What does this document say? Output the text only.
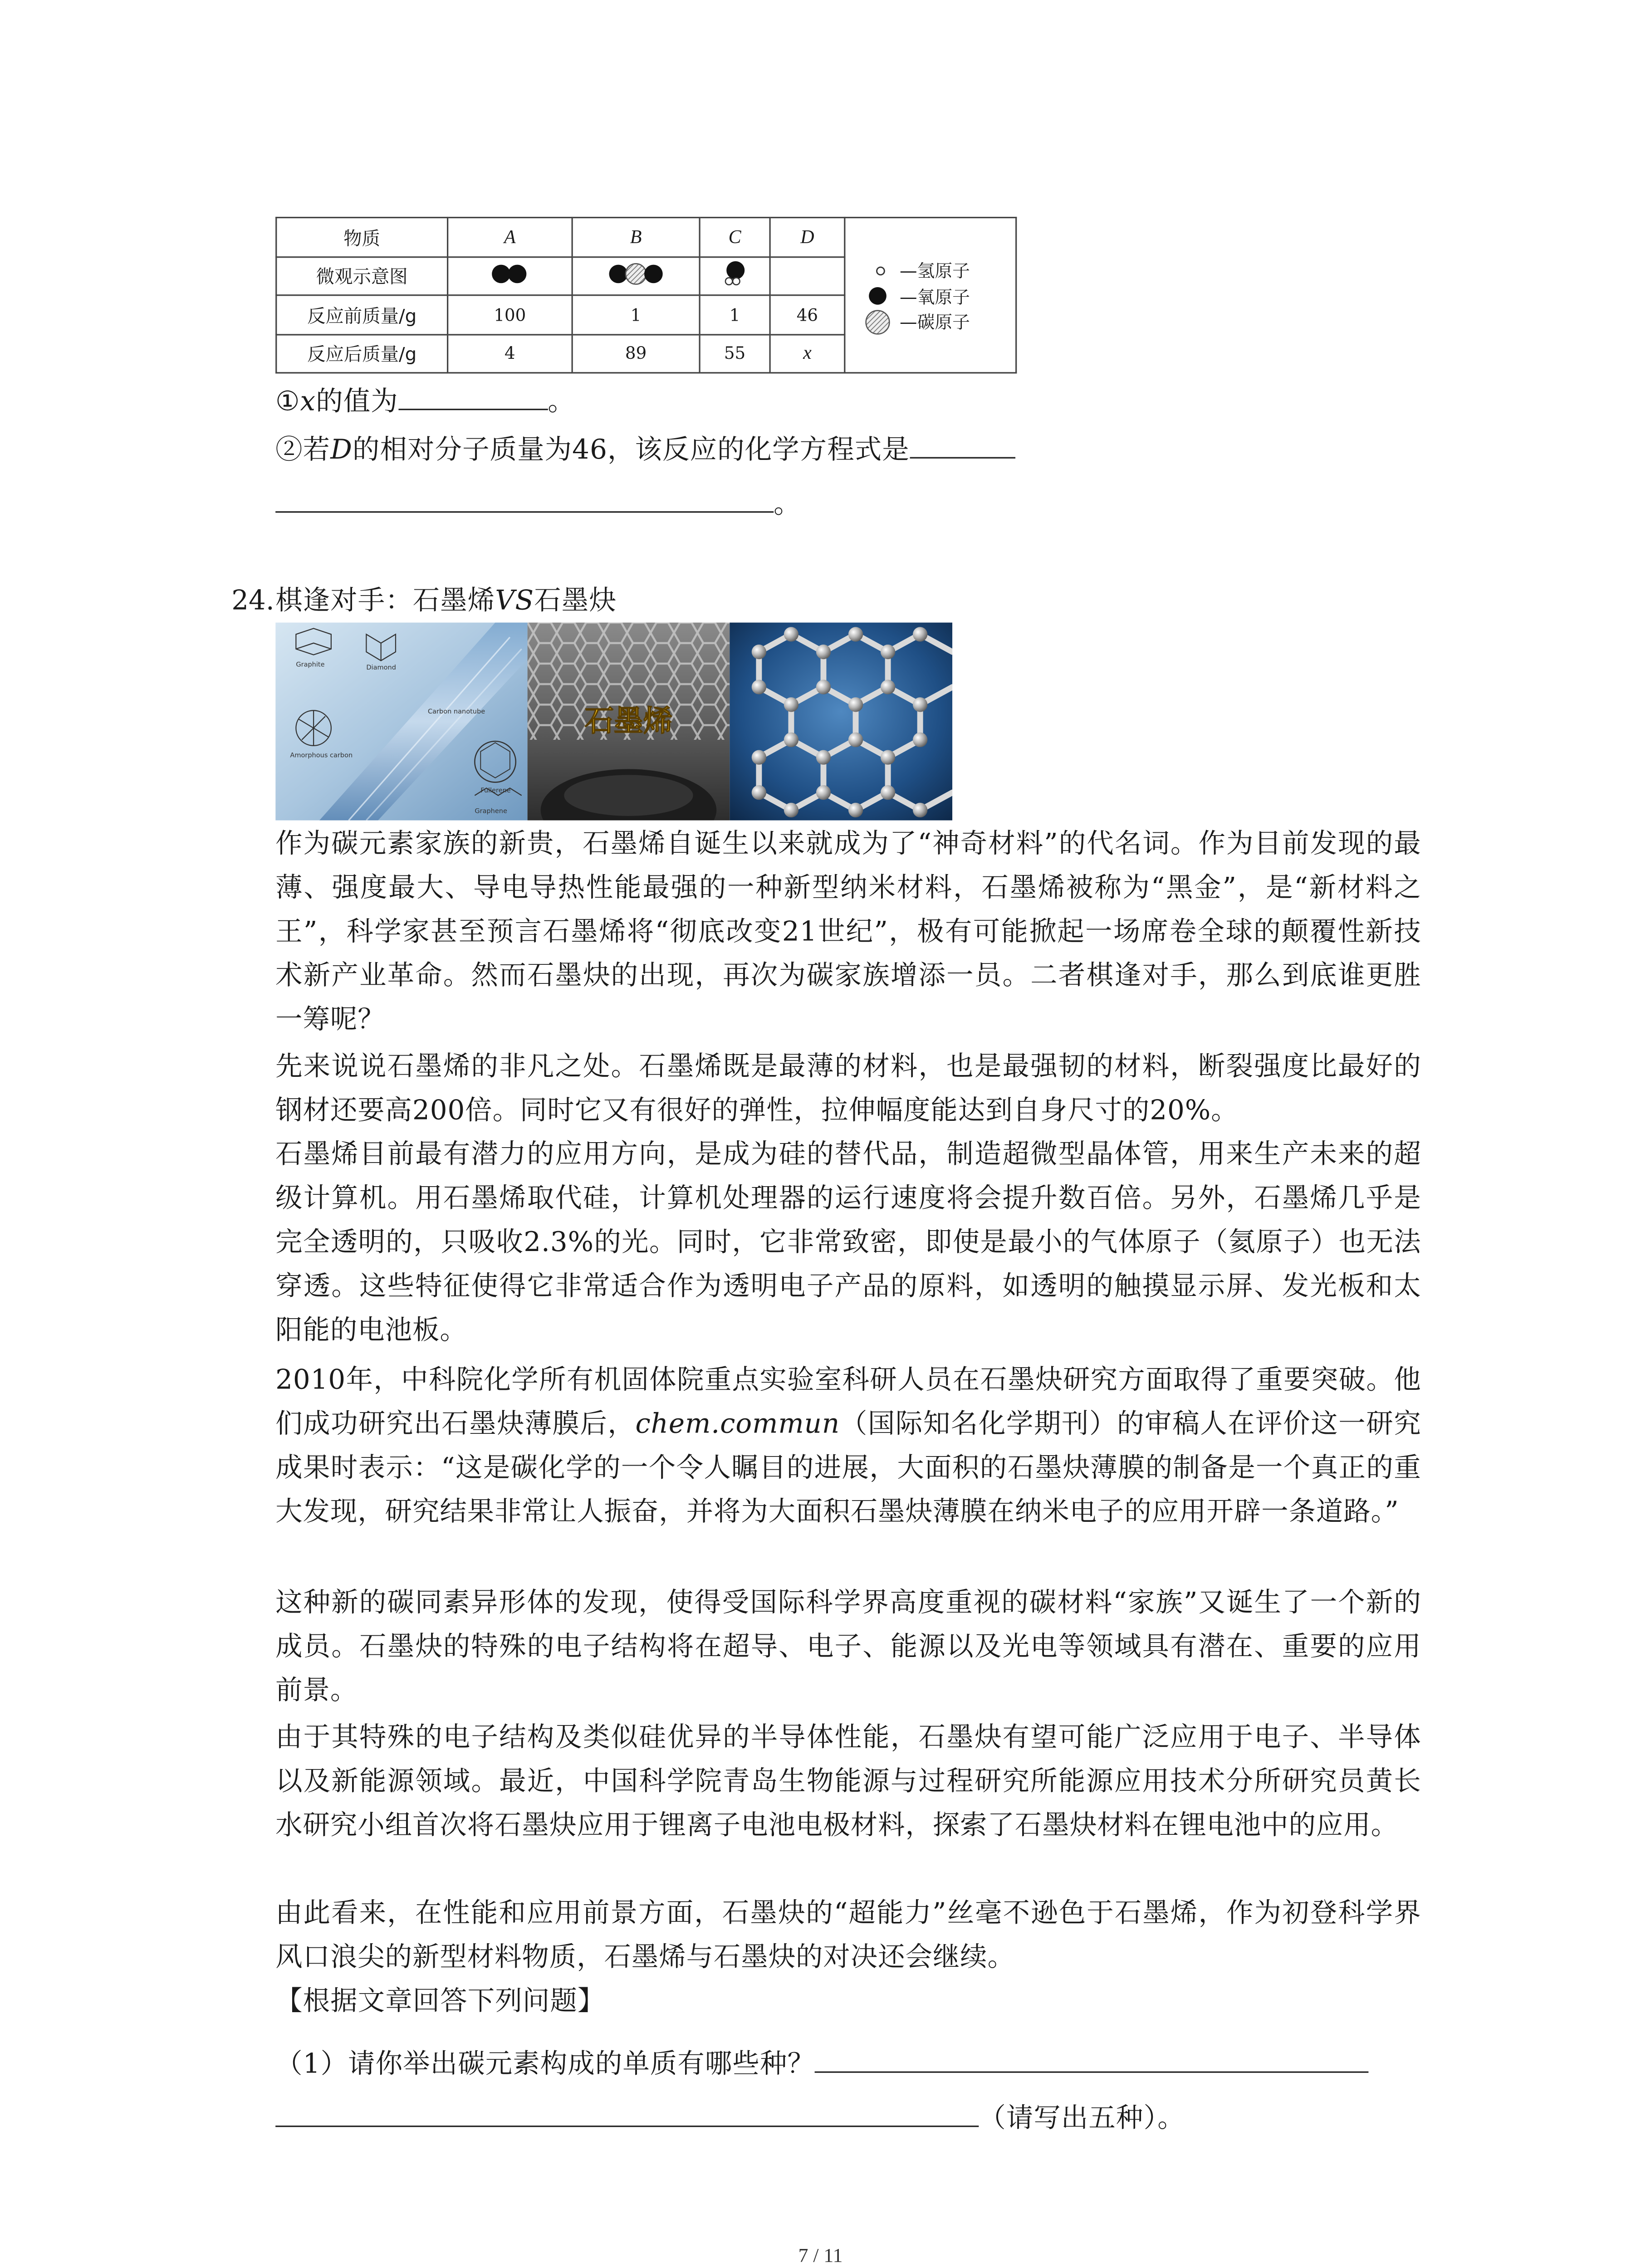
物质	A	B	C	D
微观示意图				
反应前质量/g	100	1	1	46
反应后质量/g	4	89	55	x
—氢原子
—氧原子
—碳原子
①x的值为	。
②若D的相对分子质量为46，该反应的化学方程式是
。
24. 棋逢对手：石墨烯VS石墨炔
Graphite	Diamond
Carbon nanotube
Amorphous carbon
Fullerene
Graphene
石墨烯
作为碳元素家族的新贵，石墨烯自诞生以来就成为了“神奇材料”的代名词。作为目前发现的最薄、强度最大、导电导热性能最强的一种新型纳米材料，石墨烯被称为“黑金”，是“新材料之王”，科学家甚至预言石墨烯将“彻底改变21世纪”，极有可能掀起一场席卷全球的颠覆性新技术新产业革命。然而石墨炔的出现，再次为碳家族增添一员。二者棋逢对手，那么到底谁更胜一筹呢？
先来说说石墨烯的非凡之处。石墨烯既是最薄的材料，也是最强韧的材料，断裂强度比最好的钢材还要高200倍。同时它又有很好的弹性，拉伸幅度能达到自身尺寸的20%。
石墨烯目前最有潜力的应用方向，是成为硅的替代品，制造超微型晶体管，用来生产未来的超级计算机。用石墨烯取代硅，计算机处理器的运行速度将会提升数百倍。另外，石墨烯几乎是完全透明的，只吸收2.3%的光。同时，它非常致密，即使是最小的气体原子（氦原子）也无法穿透。这些特征使得它非常适合作为透明电子产品的原料，如透明的触摸显示屏、发光板和太阳能的电池板。
2010年，中科院化学所有机固体院重点实验室科研人员在石墨炔研究方面取得了重要突破。他们成功研究出石墨炔薄膜后，chem.commun（国际知名化学期刊）的审稿人在评价这一研究成果时表示：“这是碳化学的一个令人瞩目的进展，大面积的石墨炔薄膜的制备是一个真正的重大发现，研究结果非常让人振奋，并将为大面积石墨炔薄膜在纳米电子的应用开辟一条道路。”
这种新的碳同素异形体的发现，使得受国际科学界高度重视的碳材料“家族”又诞生了一个新的成员。石墨炔的特殊的电子结构将在超导、电子、能源以及光电等领域具有潜在、重要的应用前景。
由于其特殊的电子结构及类似硅优异的半导体性能，石墨炔有望可能广泛应用于电子、半导体以及新能源领域。最近，中国科学院青岛生物能源与过程研究所能源应用技术分所研究员黄长水研究小组首次将石墨炔应用于锂离子电池电极材料，探索了石墨炔材料在锂电池中的应用。
由此看来，在性能和应用前景方面，石墨炔的“超能力”丝毫不逊色于石墨烯，作为初登科学界风口浪尖的新型材料物质，石墨烯与石墨炔的对决还会继续。
【根据文章回答下列问题】
（1）请你举出碳元素构成的单质有哪些种？
（请写出五种）。
7 / 11
